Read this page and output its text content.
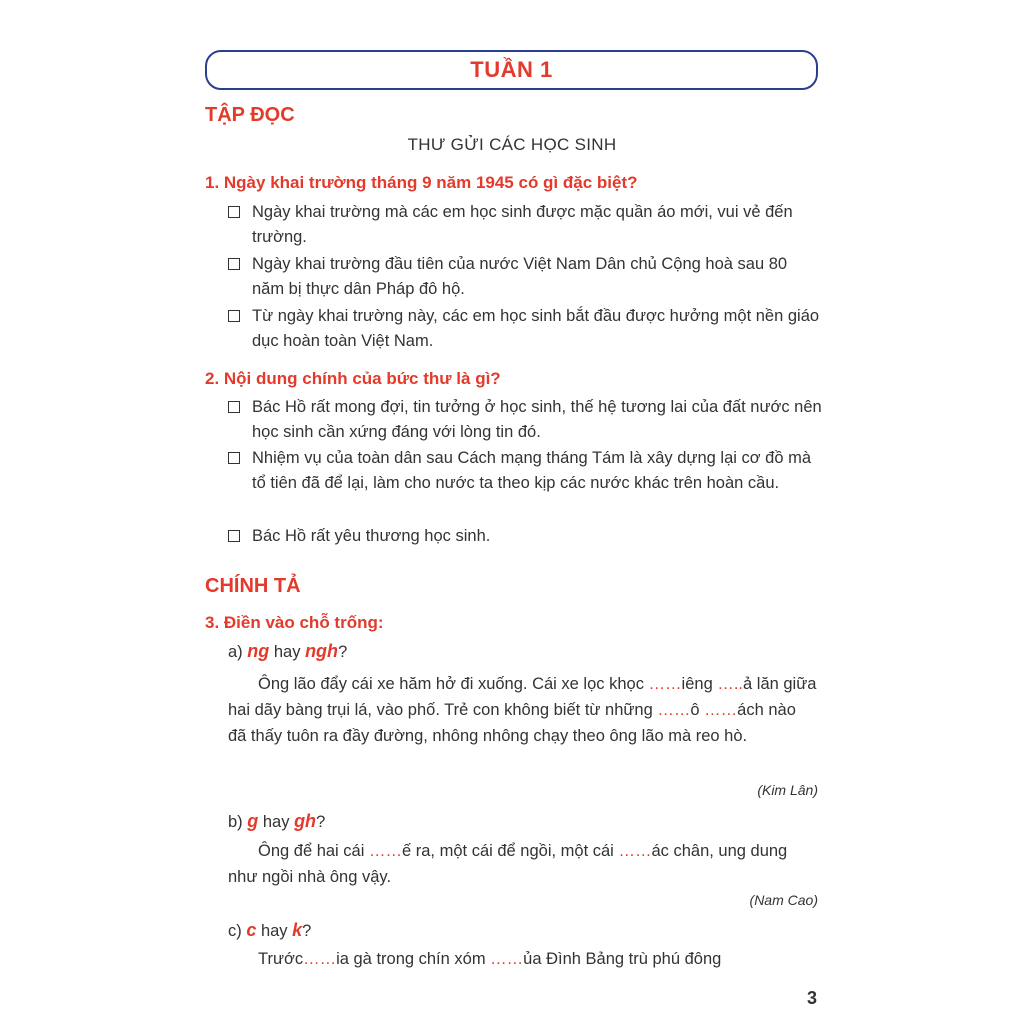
TUẦN 1
TẬP ĐỌC
THƯ GỬI CÁC HỌC SINH
1. Ngày khai trường tháng 9 năm 1945 có gì đặc biệt?
Ngày khai trường mà các em học sinh được mặc quần áo mới, vui vẻ đến trường.
Ngày khai trường đầu tiên của nước Việt Nam Dân chủ Cộng hoà sau 80 năm bị thực dân Pháp đô hộ.
Từ ngày khai trường này, các em học sinh bắt đầu được hưởng một nền giáo dục hoàn toàn Việt Nam.
2. Nội dung chính của bức thư là gì?
Bác Hồ rất mong đợi, tin tưởng ở học sinh, thế hệ tương lai của đất nước nên học sinh cần xứng đáng với lòng tin đó.
Nhiệm vụ của toàn dân sau Cách mạng tháng Tám là xây dựng lại cơ đồ mà tổ tiên đã để lại, làm cho nước ta theo kịp các nước khác trên hoàn cầu.
Bác Hồ rất yêu thương học sinh.
CHÍNH TẢ
3. Điền vào chỗ trống:
a) ng hay ngh?
Ông lão đẩy cái xe hăm hở đi xuống. Cái xe lọc khọc ……iêng …..ả lăn giữa hai dãy bàng trụi lá, vào phố. Trẻ con không biết từ những ……ô ……ách nào đã thấy tuôn ra đầy đường, nhông nhông chạy theo ông lão mà reo hò.
(Kim Lân)
b) g hay gh?
Ông để hai cái ……ế ra, một cái để ngồi, một cái ……ác chân, ung dung như ngồi nhà ông vậy.
(Nam Cao)
c) c hay k?
Trước……ia gà trong chín xóm ……ủa Đình Bảng trù phú đông
3
